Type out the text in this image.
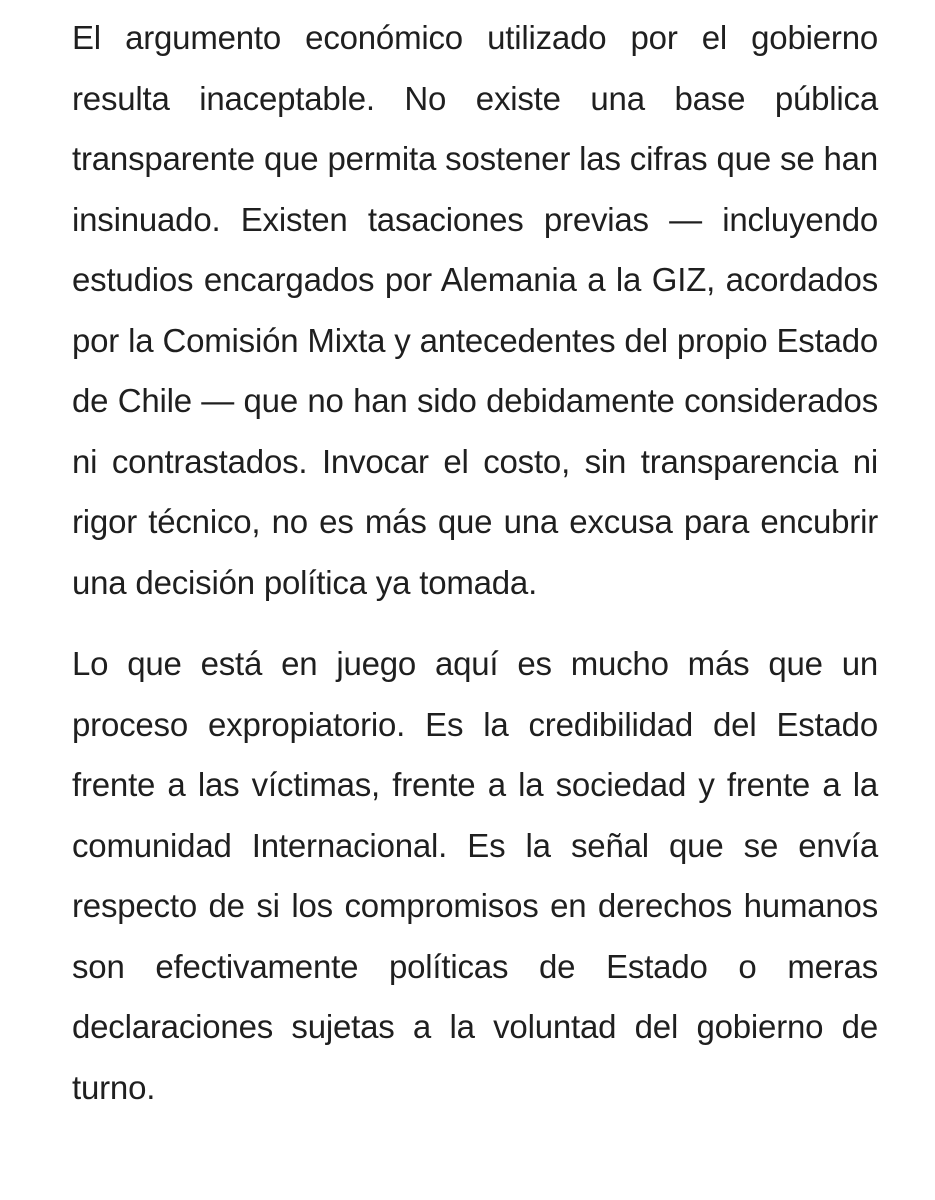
El argumento económico utilizado por el gobierno resulta inaceptable. No existe una base pública transparente que permita sostener las cifras que se han insinuado. Existen tasaciones previas — incluyendo estudios encargados por Alemania a la GIZ, acordados por la Comisión Mixta y antecedentes del propio Estado de Chile — que no han sido debidamente considerados ni contrastados. Invocar el costo, sin transparencia ni rigor técnico, no es más que una excusa para encubrir una decisión política ya tomada.

Lo que está en juego aquí es mucho más que un proceso expropiatorio. Es la credibilidad del Estado frente a las víctimas, frente a la sociedad y frente a la comunidad Internacional. Es la señal que se envía respecto de si los compromisos en derechos humanos son efectivamente políticas de Estado o meras declaraciones sujetas a la voluntad del gobierno de turno.
